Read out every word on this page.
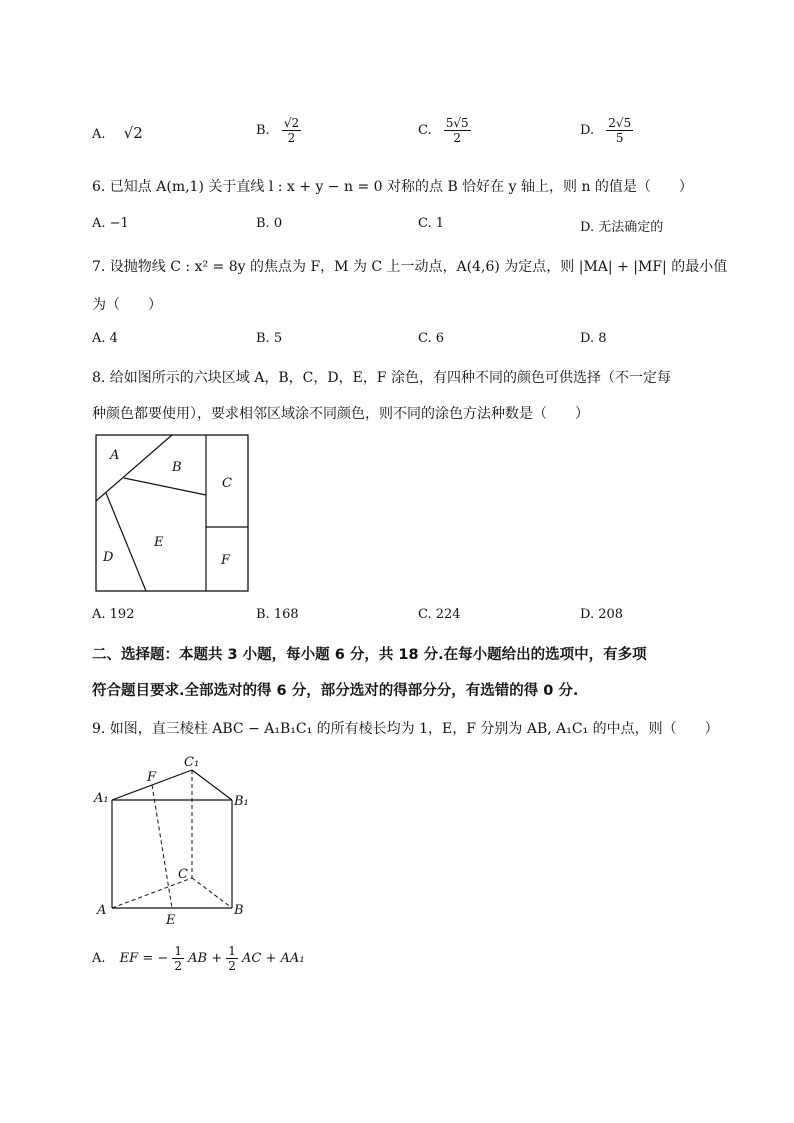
A. √2	B. $\frac{√2}{2}$	C. $\frac{5√5}{2}$	D. $\frac{2√5}{5}$
6. 已知点 A(m,1) 关于直线 l : x + y − n = 0 对称的点 B 恰好在 y 轴上，则 n 的值是（　　）
A. −1	B. 0	C. 1	D. 无法确定的
7. 设抛物线 C : x² = 8y 的焦点为 F，M 为 C 上一动点，A(4,6) 为定点，则 |MA| + |MF| 的最小值
为（　　）
A. 4	B. 5	C. 6	D. 8
8. 给如图所示的六块区域 A，B，C，D，E，F 涂色，有四种不同的颜色可供选择（不一定每
种颜色都要使用），要求相邻区域涂不同颜色，则不同的涂色方法种数是（　　）
A
B
C
D
E
F
A. 192	B. 168	C. 224	D. 208
二、选择题：本题共 3 小题，每小题 6 分，共 18 分.在每小题给出的选项中，有多项
符合题目要求.全部选对的得 6 分，部分选对的得部分分，有选错的得 0 分.
9. 如图，直三棱柱 ABC − A₁B₁C₁ 的所有棱长均为 1，E，F 分别为 AB, A₁C₁ 的中点，则（　　）
A₁	B₁
C₁
F
A	B
C
E
A. EF = − $\frac{1}{2}$ AB + $\frac{1}{2}$ AC + AA₁
